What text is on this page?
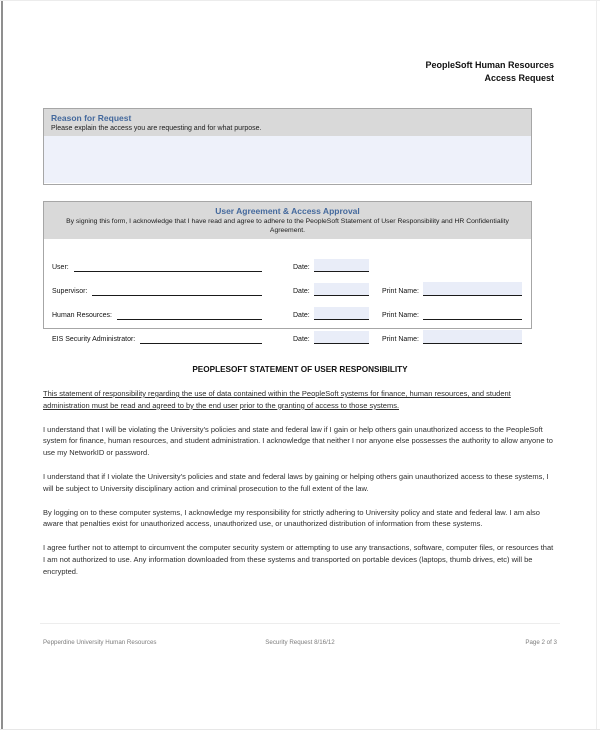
PeopleSoft Human Resources
Access Request
Reason for Request
Please explain the access you are requesting and for what purpose.
User Agreement & Access Approval
By signing this form, I acknowledge that I have read and agree to adhere to the PeopleSoft Statement of User Responsibility and HR Confidentiality Agreement.
User:	Date:
Supervisor:	Date:	Print Name:
Human Resources:	Date:	Print Name:
EIS Security Administrator:	Date:	Print Name:
PEOPLESOFT STATEMENT OF USER RESPONSIBILITY

This statement of responsibility regarding the use of data contained within the PeopleSoft systems for finance, human resources, and student administration must be read and agreed to by the end user prior to the granting of access to those systems.

I understand that I will be violating the University’s policies and state and federal law if I gain or help others gain unauthorized access to the PeopleSoft system for finance, human resources, and student administration. I acknowledge that neither I nor anyone else possesses the authority to allow anyone to use my NetworkID or password.

I understand that if I violate the University’s policies and state and federal laws by gaining or helping others gain unauthorized access to these systems, I will be subject to University disciplinary action and criminal prosecution to the full extent of the law.

By logging on to these computer systems, I acknowledge my responsibility for strictly adhering to University policy and state and federal law. I am also aware that penalties exist for unauthorized access, unauthorized use, or unauthorized distribution of information from these systems.

I agree further not to attempt to circumvent the computer security system or attempting to use any transactions, software, computer files, or resources that I am not authorized to use. Any information downloaded from these systems and transported on portable devices (laptops, thumb drives, etc) will be encrypted.

Security Request 8/16/12
Pepperdine University Human Resources	Page 2 of 3
